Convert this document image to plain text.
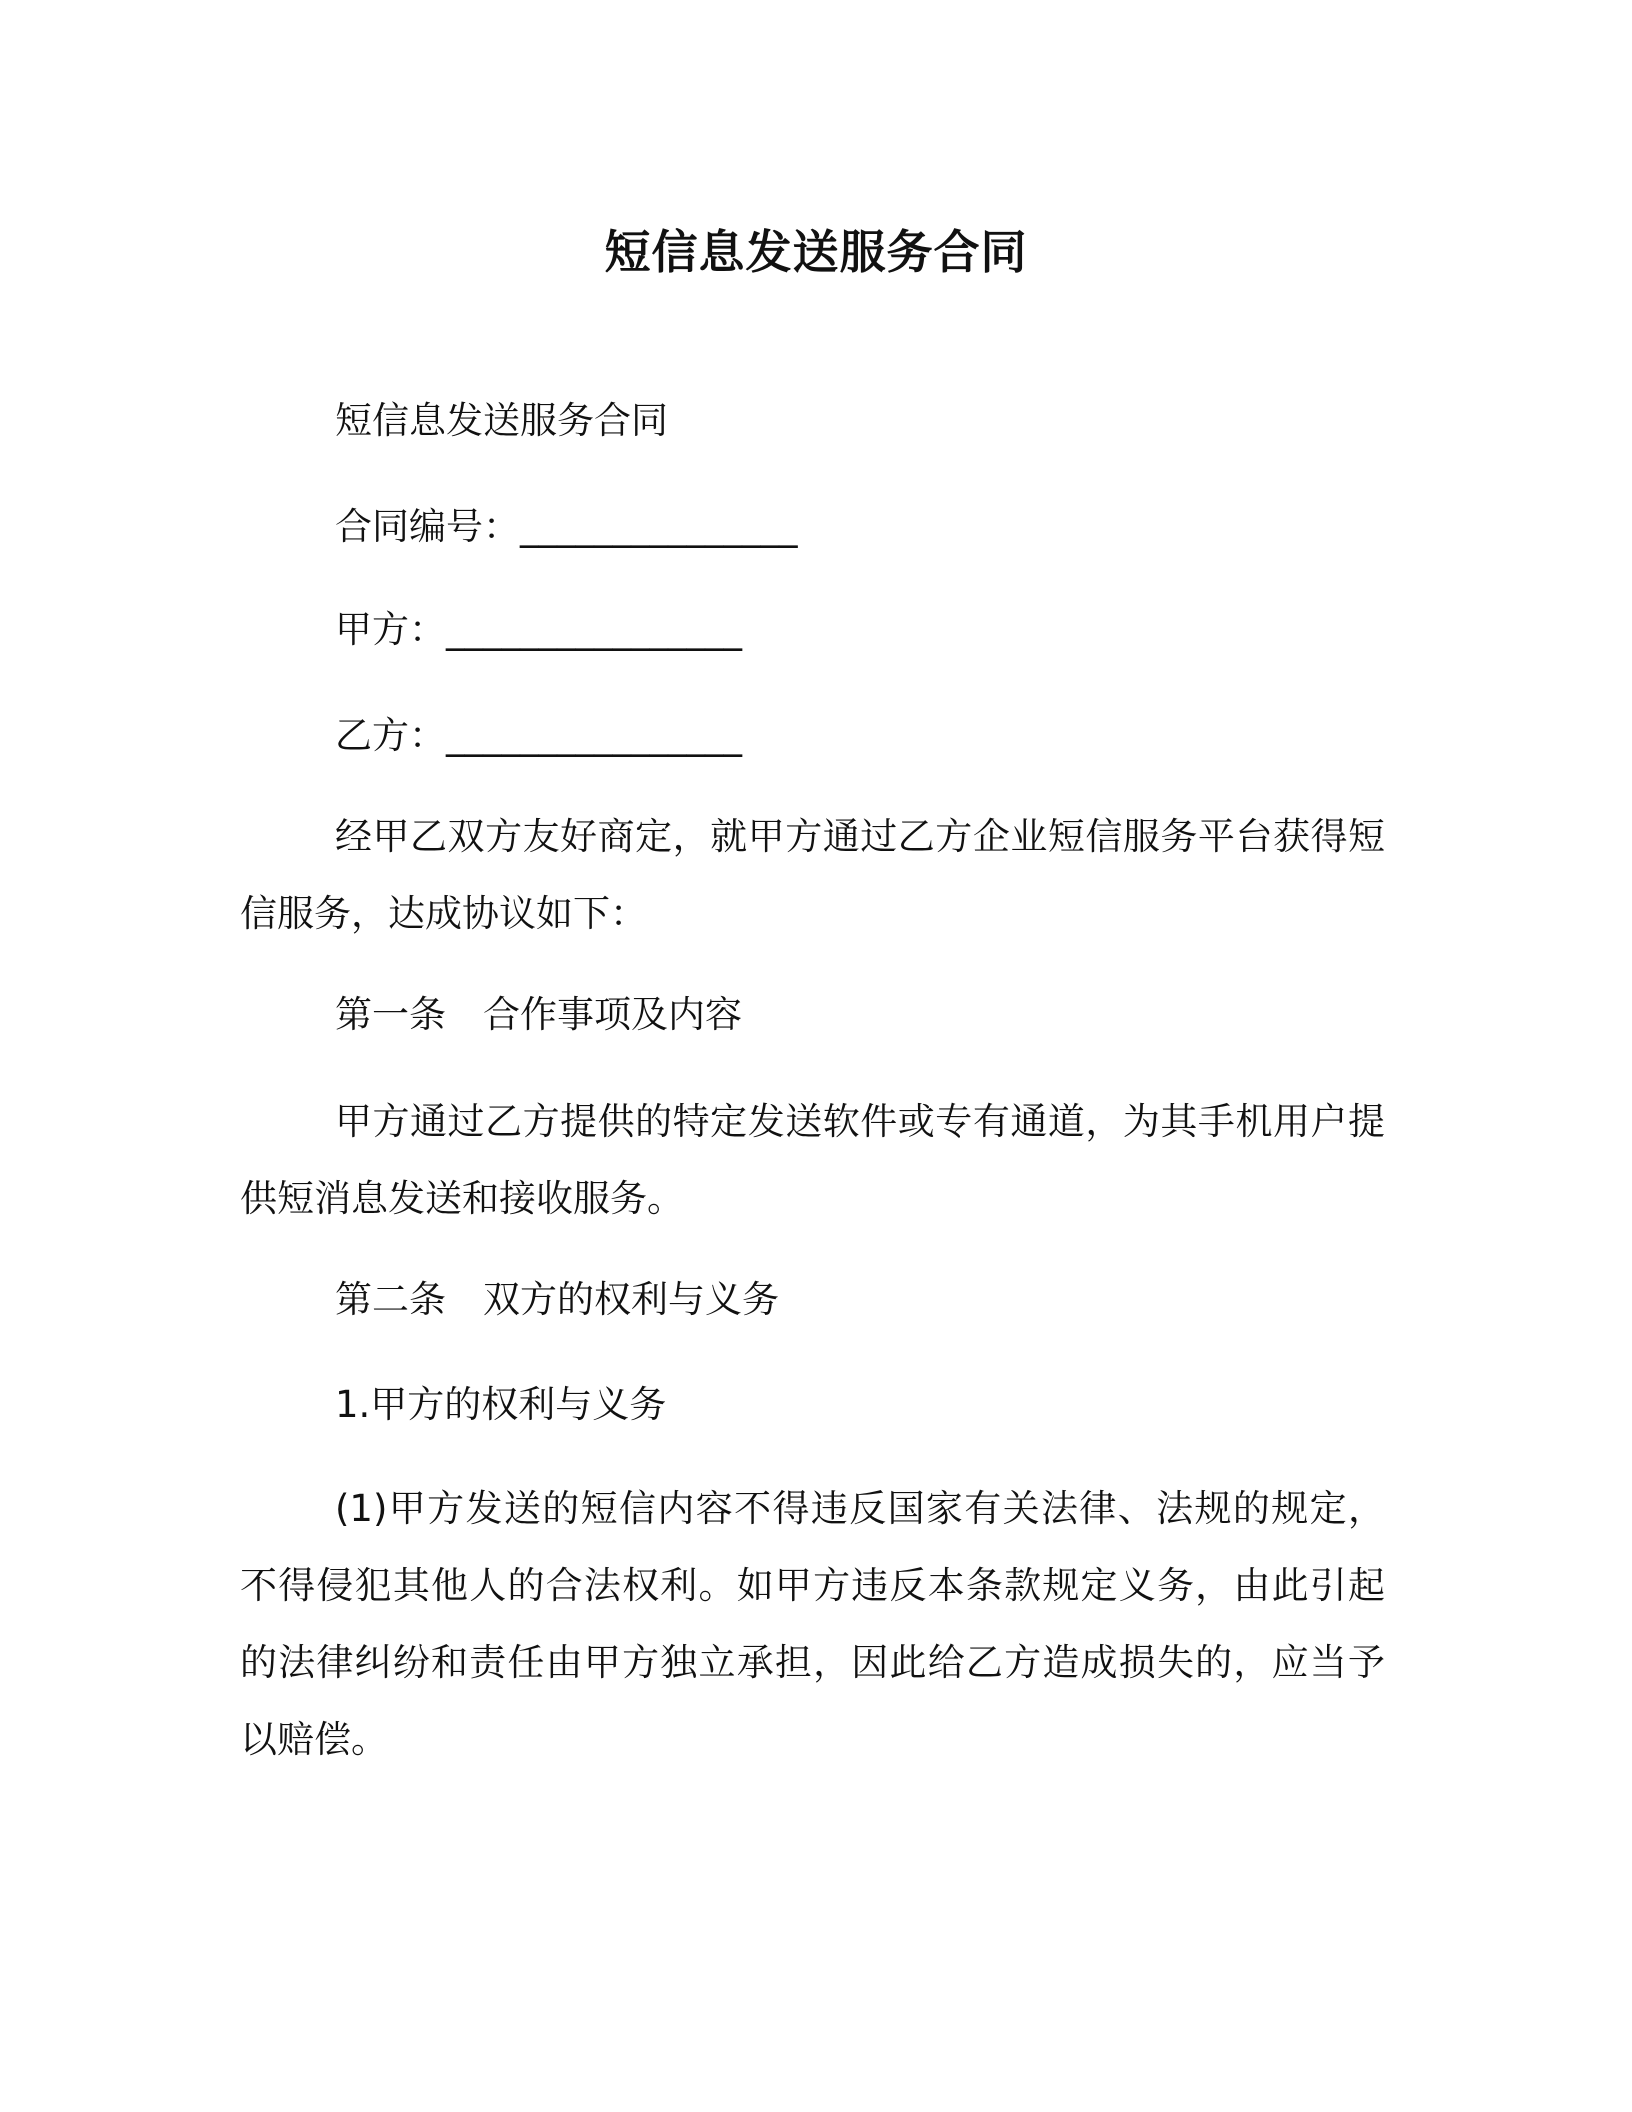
短信息发送服务合同
短信息发送服务合同
合同编号：_______________
甲方：________________
乙方：________________
经甲乙双方友好商定，就甲方通过乙方企业短信服务平台获得短信服务，达成协议如下：
第一条　合作事项及内容
甲方通过乙方提供的特定发送软件或专有通道，为其手机用户提供短消息发送和接收服务。
第二条　双方的权利与义务
1.甲方的权利与义务
(1)甲方发送的短信内容不得违反国家有关法律、法规的规定，不得侵犯其他人的合法权利。如甲方违反本条款规定义务，由此引起的法律纠纷和责任由甲方独立承担，因此给乙方造成损失的，应当予以赔偿。
